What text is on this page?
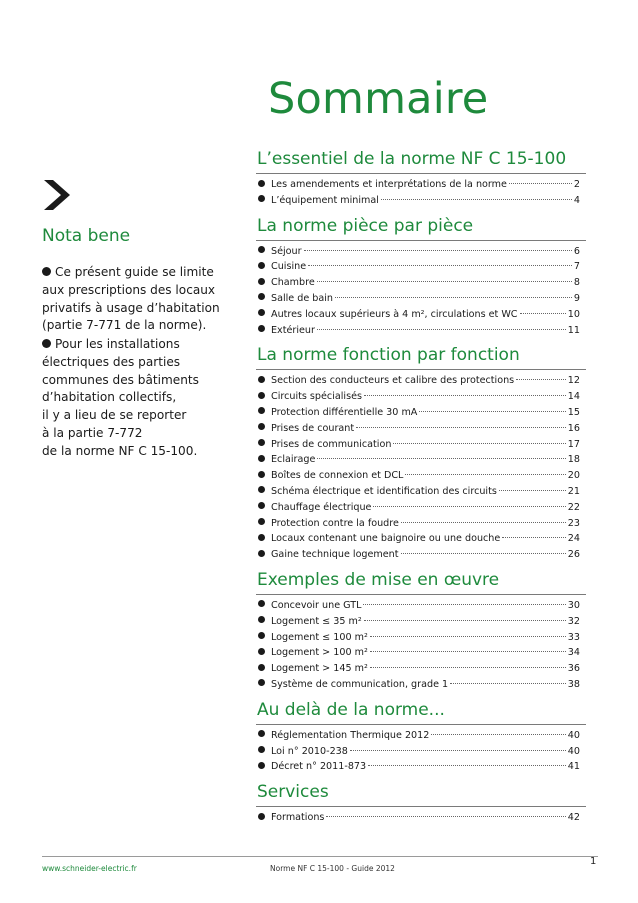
Sommaire
Nota bene
Ce présent guide se limite
aux prescriptions des locaux
privatifs à usage d’habitation
(partie 7-771 de la norme).
Pour les installations
électriques des parties
communes des bâtiments
d’habitation collectifs,
il y a lieu de se reporter
à la partie 7-772
de la norme NF C 15-100.
L’essentiel de la norme NF C 15-100
Les amendements et interprétations de la norme	2
L’équipement minimal	4
La norme pièce par pièce
Séjour	6
Cuisine	7
Chambre	8
Salle de bain	9
Autres locaux supérieurs à 4 m², circulations et WC	10
Extérieur	11
La norme fonction par fonction
Section des conducteurs et calibre des protections	12
Circuits spécialisés	14
Protection différentielle 30 mA	15
Prises de courant	16
Prises de communication	17
Eclairage	18
Boîtes de connexion et DCL	20
Schéma électrique et identification des circuits	21
Chauffage électrique	22
Protection contre la foudre	23
Locaux contenant une baignoire ou une douche	24
Gaine technique logement	26
Exemples de mise en œuvre
Concevoir une GTL	30
Logement ≤ 35 m²	32
Logement ≤ 100 m²	33
Logement > 100 m²	34
Logement > 145 m²	36
Système de communication, grade 1	38
Au delà de la norme...
Réglementation Thermique 2012	40
Loi n° 2010-238	40
Décret n° 2011-873	41
Services
Formations	42
www.schneider-electric.fr	Norme NF C 15-100 - Guide 2012
1
